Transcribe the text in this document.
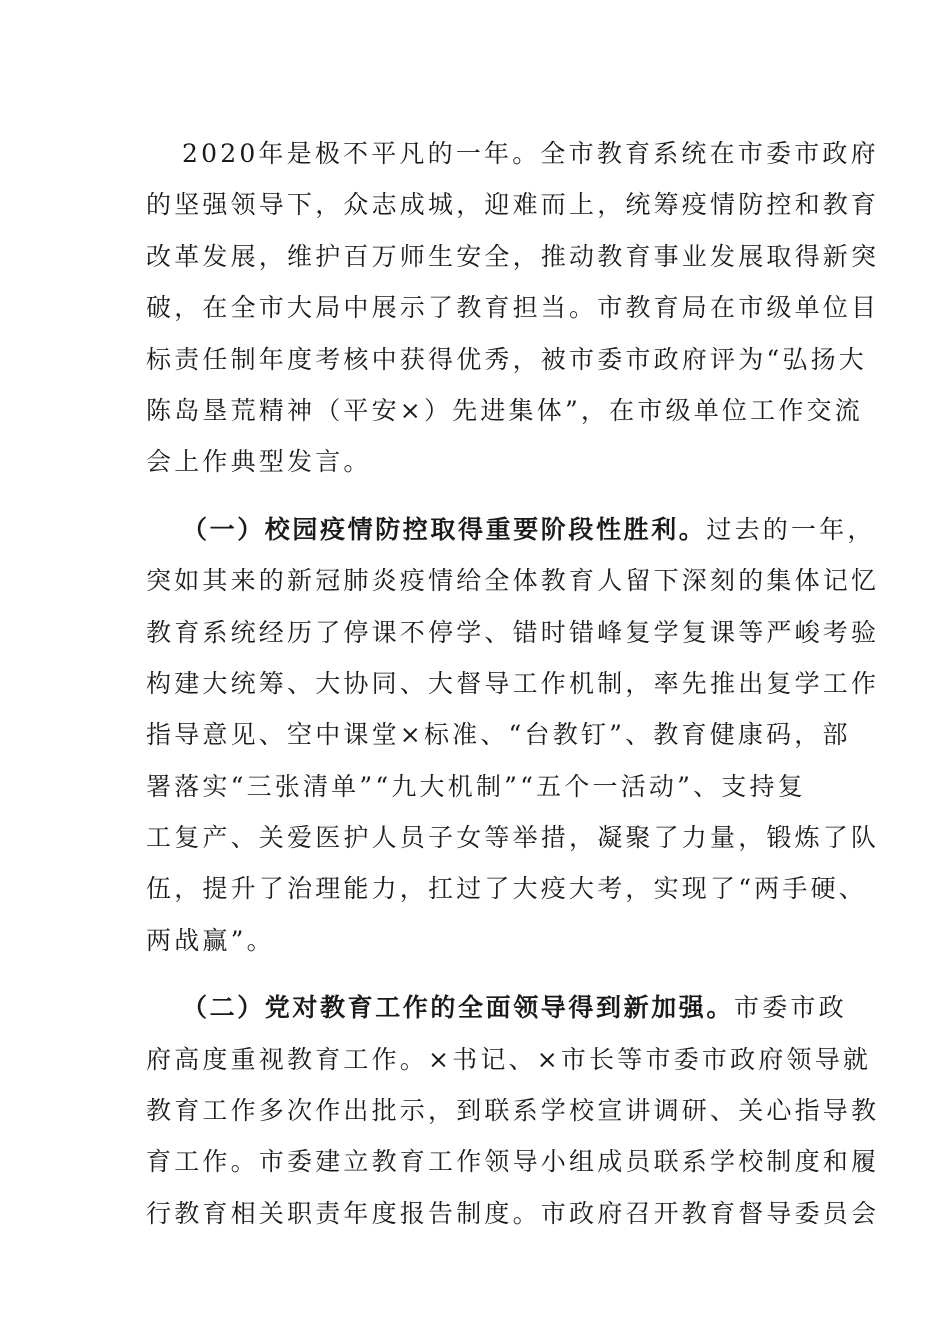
2020年是极不平凡的一年。全市教育系统在市委市政府
的坚强领导下，众志成城，迎难而上，统筹疫情防控和教育
改革发展，维护百万师生安全，推动教育事业发展取得新突
破，在全市大局中展示了教育担当。市教育局在市级单位目
标责任制年度考核中获得优秀，被市委市政府评为“弘扬大
陈岛垦荒精神（平安×）先进集体”，在市级单位工作交流
会上作典型发言。
（一）校园疫情防控取得重要阶段性胜利。过去的一年，
突如其来的新冠肺炎疫情给全体教育人留下深刻的集体记忆
教育系统经历了停课不停学、错时错峰复学复课等严峻考验
构建大统筹、大协同、大督导工作机制，率先推出复学工作
指导意见、空中课堂×标准、“台教钉”、教育健康码，部
署落实“三张清单”“九大机制”“五个一活动”、支持复
工复产、关爱医护人员子女等举措，凝聚了力量，锻炼了队
伍，提升了治理能力，扛过了大疫大考，实现了“两手硬、
两战赢”。
（二）党对教育工作的全面领导得到新加强。市委市政
府高度重视教育工作。×书记、×市长等市委市政府领导就
教育工作多次作出批示，到联系学校宣讲调研、关心指导教
育工作。市委建立教育工作领导小组成员联系学校制度和履
行教育相关职责年度报告制度。市政府召开教育督导委员会
